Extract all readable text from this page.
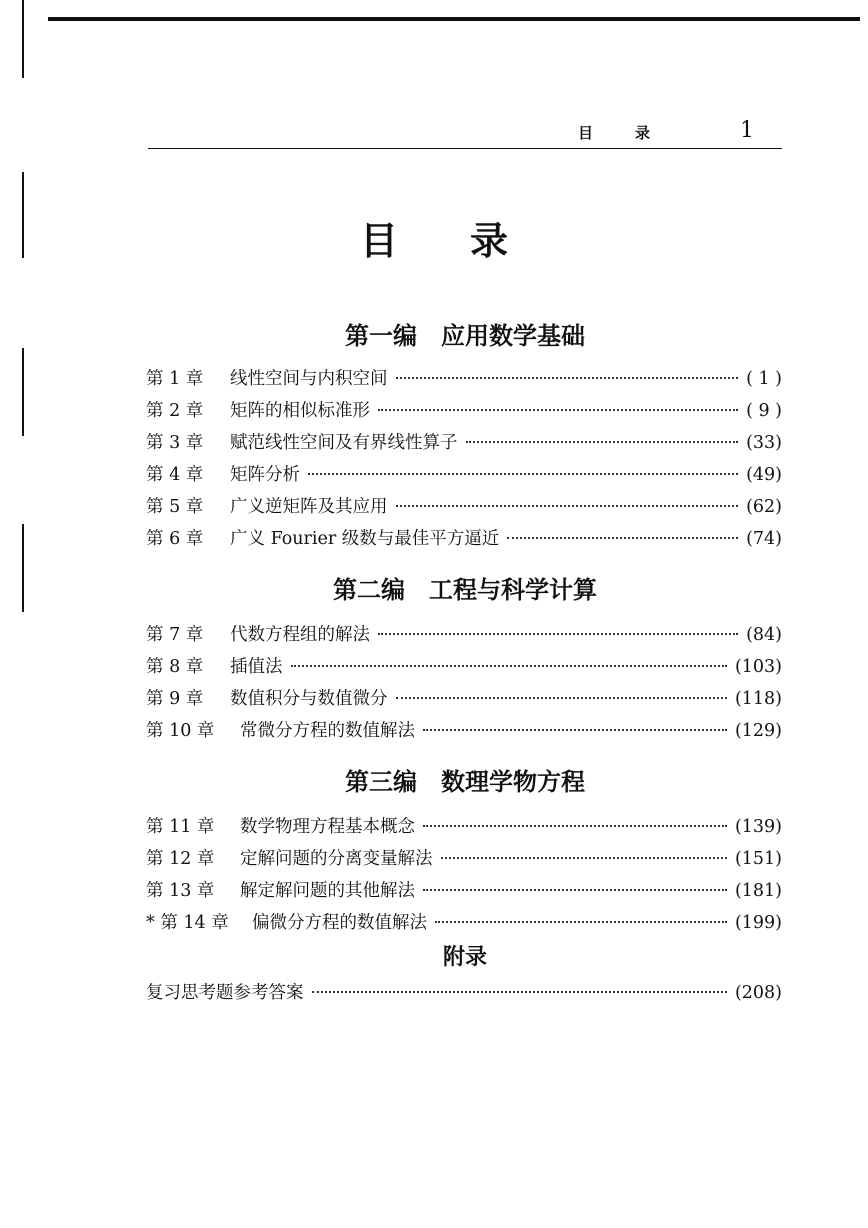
目录 1
目录
第一编　应用数学基础
第 1 章	线性空间与内积空间	( 1 )
第 2 章	矩阵的相似标准形	( 9 )
第 3 章	赋范线性空间及有界线性算子	(33)
第 4 章	矩阵分析	(49)
第 5 章	广义逆矩阵及其应用	(62)
第 6 章	广义 Fourier 级数与最佳平方逼近	(74)
第二编　工程与科学计算
第 7 章	代数方程组的解法	(84)
第 8 章	插值法	(103)
第 9 章	数值积分与数值微分	(118)
第 10 章	常微分方程的数值解法	(129)
第三编　数理学物方程
第 11 章	数学物理方程基本概念	(139)
第 12 章	定解问题的分离变量解法	(151)
第 13 章	解定解问题的其他解法	(181)
* 第 14 章	偏微分方程的数值解法	(199)
附录
复习思考题参考答案	(208)
